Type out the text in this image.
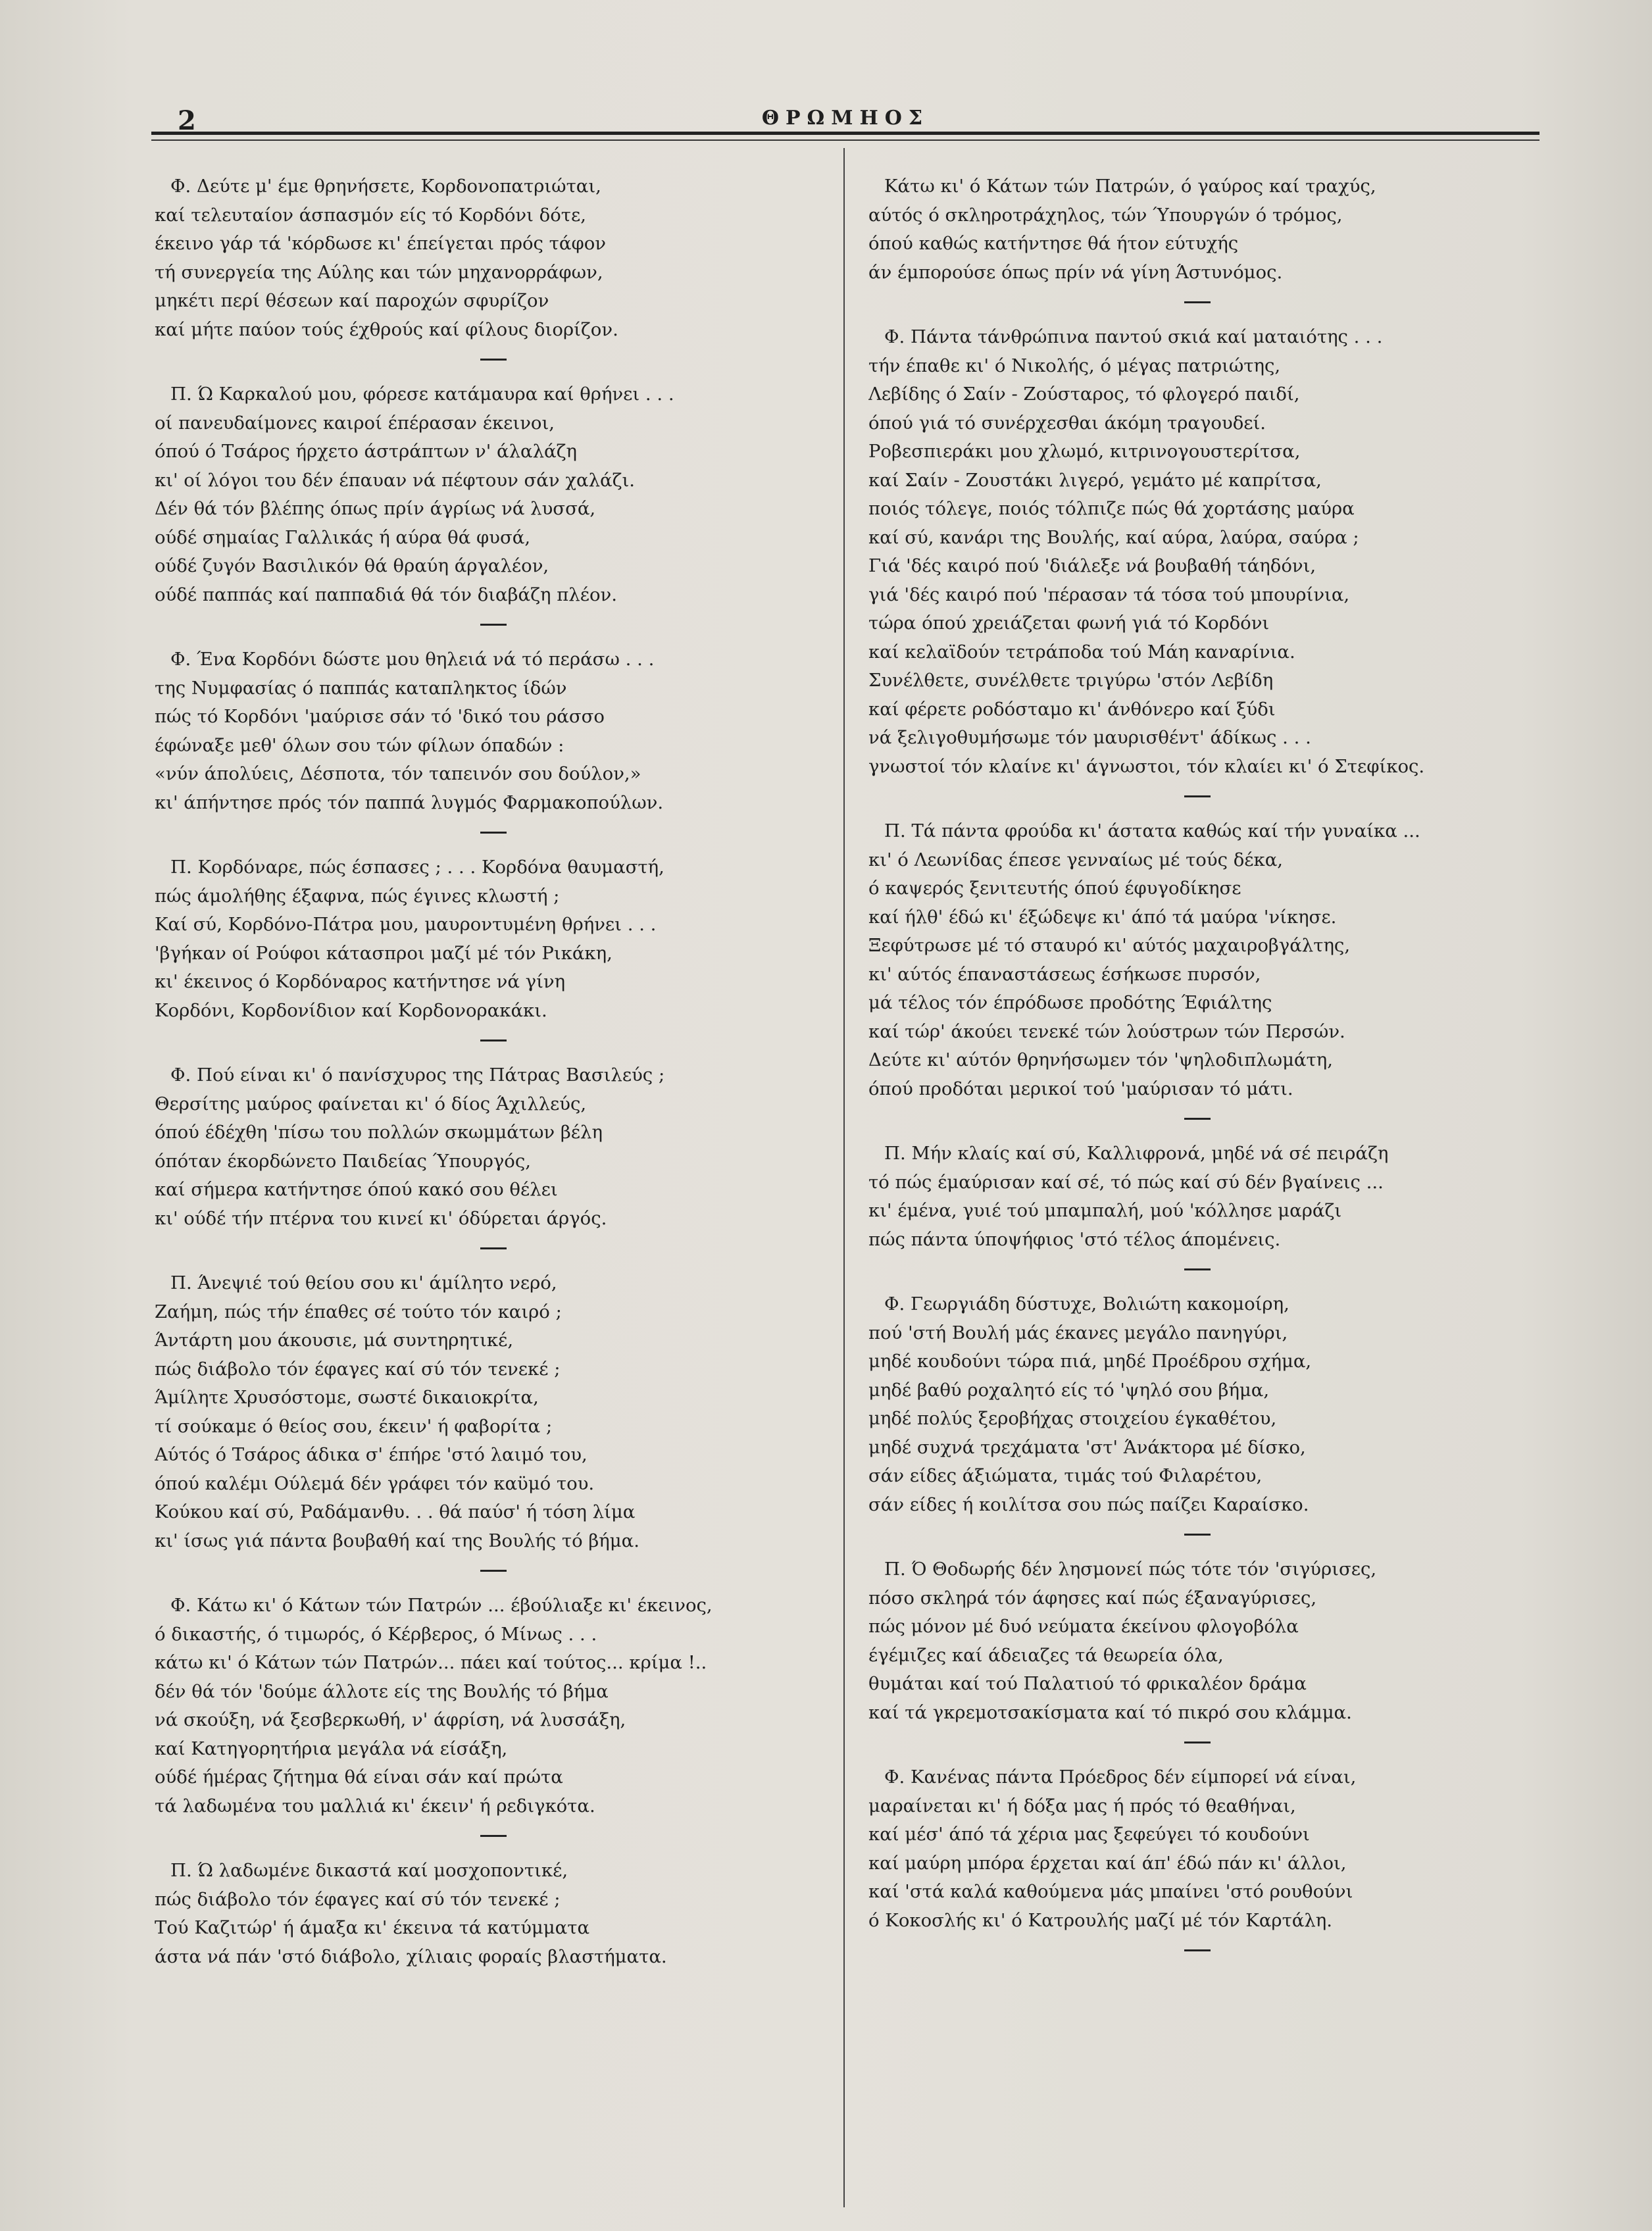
2	ΘΡΩΜΗΟΣ
Φ. Δεύτε μ' έμε θρηνήσετε, Κορδονοπατριώται,
καί τελευταίον άσπασμόν είς τό Κορδόνι δότε,
έκεινο γάρ τά 'κόρδωσε κι' έπείγεται πρός τάφον
τή συνεργεία της Αύλης και τών μηχανορράφων,
μηκέτι περί θέσεων καί παροχών σφυρίζον
καί μήτε παύον τούς έχθρούς καί φίλους διορίζον.
Π. Ώ Καρκαλού μου, φόρεσε κατάμαυρα καί θρήνει . . .
οί πανευδαίμονες καιροί έπέρασαν έκεινοι,
όπού ό Τσάρος ήρχετο άστράπτων ν' άλαλάζη
κι' οί λόγοι του δέν έπαυαν νά πέφτουν σάν χαλάζι.
Δέν θά τόν βλέπης όπως πρίν άγρίως νά λυσσά,
ούδέ σημαίας Γαλλικάς ή αύρα θά φυσά,
ούδέ ζυγόν Βασιλικόν θά θραύη άργαλέον,
ούδέ παππάς καί παππαδιά θά τόν διαβάζη πλέον.
Φ. Ένα Κορδόνι δώστε μου θηλειά νά τό περάσω . . .
της Νυμφασίας ό παππάς καταπληκτος ίδών
πώς τό Κορδόνι 'μαύρισε σάν τό 'δικό του ράσσο
έφώναξε μεθ' όλων σου τών φίλων όπαδών :
«νύν άπολύεις, Δέσποτα, τόν ταπεινόν σου δούλον,»
κι' άπήντησε πρός τόν παππά λυγμός Φαρμακοπούλων.
Π. Κορδόναρε, πώς έσπασες ; . . . Κορδόνα θαυμαστή,
πώς άμολήθης έξαφνα, πώς έγινες κλωστή ;
Καί σύ, Κορδόνο-Πάτρα μου, μαυροντυμένη θρήνει . . .
'βγήκαν οί Ρούφοι κάτασπροι μαζί μέ τόν Ρικάκη,
κι' έκεινος ό Κορδόναρος κατήντησε νά γίνη
Κορδόνι, Κορδονίδιον καί Κορδονορακάκι.
Φ. Πού είναι κι' ό πανίσχυρος της Πάτρας Βασιλεύς ;
Θερσίτης μαύρος φαίνεται κι' ό δίος Άχιλλεύς,
όπού έδέχθη 'πίσω του πολλών σκωμμάτων βέλη
όπόταν έκορδώνετο Παιδείας Ύπουργός,
καί σήμερα κατήντησε όπού κακό σου θέλει
κι' ούδέ τήν πτέρνα του κινεί κι' όδύρεται άργός.
Π. Άνεψιέ τού θείου σου κι' άμίλητο νερό,
Ζαήμη, πώς τήν έπαθες σέ τούτο τόν καιρό ;
Άντάρτη μου άκουσιε, μά συντηρητικέ,
πώς διάβολο τόν έφαγες καί σύ τόν τενεκέ ;
Άμίλητε Χρυσόστομε, σωστέ δικαιοκρίτα,
τί σούκαμε ό θείος σου, έκειν' ή φαβορίτα ;
Αύτός ό Τσάρος άδικα σ' έπήρε 'στό λαιμό του,
όπού καλέμι Ούλεμά δέν γράφει τόν καϋμό του.
Κούκου καί σύ, Ραδάμανθυ. . . θά παύσ' ή τόση λίμα
κι' ίσως γιά πάντα βουβαθή καί της Βουλής τό βήμα.
Φ. Κάτω κι' ό Κάτων τών Πατρών ... έβούλιαξε κι' έκεινος,
ό δικαστής, ό τιμωρός, ό Κέρβερος, ό Μίνως . . .
κάτω κι' ό Κάτων τών Πατρών... πάει καί τούτος... κρίμα !..
δέν θά τόν 'δούμε άλλοτε είς της Βουλής τό βήμα
νά σκούξη, νά ξεσβερκωθή, ν' άφρίση, νά λυσσάξη,
καί Κατηγορητήρια μεγάλα νά είσάξη,
ούδέ ήμέρας ζήτημα θά είναι σάν καί πρώτα
τά λαδωμένα του μαλλιά κι' έκειν' ή ρεδιγκότα.
Π. Ώ λαδωμένε δικαστά καί μοσχοποντικέ,
πώς διάβολο τόν έφαγες καί σύ τόν τενεκέ ;
Τού Καζιτώρ' ή άμαξα κι' έκεινα τά κατύμματα
άστα νά πάν 'στό διάβολο, χίλιαις φοραίς βλαστήματα.
Κάτω κι' ό Κάτων τών Πατρών, ό γαύρος καί τραχύς,
αύτός ό σκληροτράχηλος, τών Ύπουργών ό τρόμος,
όπού καθώς κατήντησε θά ήτον εύτυχής
άν έμπορούσε όπως πρίν νά γίνη Άστυνόμος.
Φ. Πάντα τάνθρώπινα παντού σκιά καί ματαιότης . . .
τήν έπαθε κι' ό Νικολής, ό μέγας πατριώτης,
Λεβίδης ό Σαίν - Ζούσταρος, τό φλογερό παιδί,
όπού γιά τό συνέρχεσθαι άκόμη τραγουδεί.
Ροβεσπιεράκι μου χλωμό, κιτρινογουστερίτσα,
καί Σαίν - Ζουστάκι λιγερό, γεμάτο μέ καπρίτσα,
ποιός τόλεγε, ποιός τόλπιζε πώς θά χορτάσης μαύρα
καί σύ, κανάρι της Βουλής, καί αύρα, λαύρα, σαύρα ;
Γιά 'δές καιρό πού 'διάλεξε νά βουβαθή τάηδόνι,
γιά 'δές καιρό πού 'πέρασαν τά τόσα τού μπουρίνια,
τώρα όπού χρειάζεται φωνή γιά τό Κορδόνι
καί κελαϊδούν τετράποδα τού Μάη καναρίνια.
Συνέλθετε, συνέλθετε τριγύρω 'στόν Λεβίδη
καί φέρετε ροδόσταμο κι' άνθόνερο καί ξύδι
νά ξελιγοθυμήσωμε τόν μαυρισθέντ' άδίκως . . .
γνωστοί τόν κλαίνε κι' άγνωστοι, τόν κλαίει κι' ό Στεφίκος.
Π. Τά πάντα φρούδα κι' άστατα καθώς καί τήν γυναίκα ...
κι' ό Λεωνίδας έπεσε γενναίως μέ τούς δέκα,
ό καψερός ξενιτευτής όπού έφυγοδίκησε
καί ήλθ' έδώ κι' έξώδεψε κι' άπό τά μαύρα 'νίκησε.
Ξεφύτρωσε μέ τό σταυρό κι' αύτός μαχαιροβγάλτης,
κι' αύτός έπαναστάσεως έσήκωσε πυρσόν,
μά τέλος τόν έπρόδωσε προδότης Έφιάλτης
καί τώρ' άκούει τενεκέ τών λούστρων τών Περσών.
Δεύτε κι' αύτόν θρηνήσωμεν τόν 'ψηλοδιπλωμάτη,
όπού προδόται μερικοί τού 'μαύρισαν τό μάτι.
Π. Μήν κλαίς καί σύ, Καλλιφρονά, μηδέ νά σέ πειράζη
τό πώς έμαύρισαν καί σέ, τό πώς καί σύ δέν βγαίνεις ...
κι' έμένα, γυιέ τού μπαμπαλή, μού 'κόλλησε μαράζι
πώς πάντα ύποψήφιος 'στό τέλος άπομένεις.
Φ. Γεωργιάδη δύστυχε, Βολιώτη κακομοίρη,
πού 'στή Βουλή μάς έκανες μεγάλο πανηγύρι,
μηδέ κουδούνι τώρα πιά, μηδέ Προέδρου σχήμα,
μηδέ βαθύ ροχαλητό είς τό 'ψηλό σου βήμα,
μηδέ πολύς ξεροβήχας στοιχείου έγκαθέτου,
μηδέ συχνά τρεχάματα 'στ' Άνάκτορα μέ δίσκο,
σάν είδες άξιώματα, τιμάς τού Φιλαρέτου,
σάν είδες ή κοιλίτσα σου πώς παίζει Καραίσκο.
Π. Ό Θοδωρής δέν λησμονεί πώς τότε τόν 'σιγύρισες,
πόσο σκληρά τόν άφησες καί πώς έξαναγύρισες,
πώς μόνον μέ δυό νεύματα έκείνου φλογοβόλα
έγέμιζες καί άδειαζες τά θεωρεία όλα,
θυμάται καί τού Παλατιού τό φρικαλέον δράμα
καί τά γκρεμοτσακίσματα καί τό πικρό σου κλάμμα.
Φ. Κανένας πάντα Πρόεδρος δέν είμπορεί νά είναι,
μαραίνεται κι' ή δόξα μας ή πρός τό θεαθήναι,
καί μέσ' άπό τά χέρια μας ξεφεύγει τό κουδούνι
καί μαύρη μπόρα έρχεται καί άπ' έδώ πάν κι' άλλοι,
καί 'στά καλά καθούμενα μάς μπαίνει 'στό ρουθούνι
ό Κοκοσλής κι' ό Κατρουλής μαζί μέ τόν Καρτάλη.
